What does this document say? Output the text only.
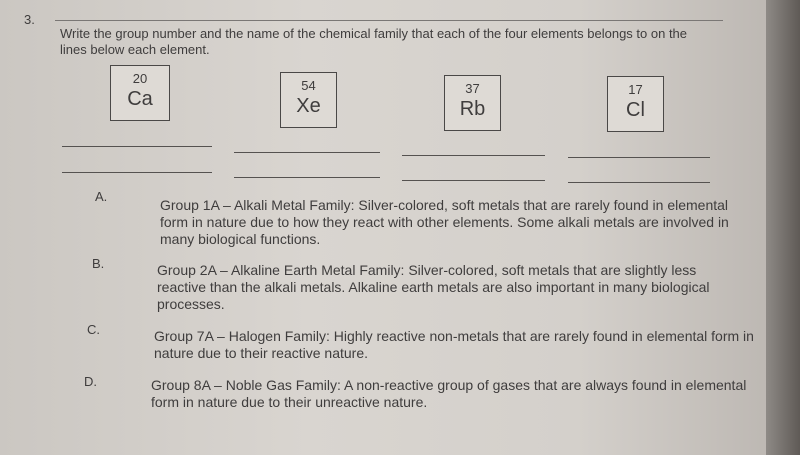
3.
Write the group number and the name of the chemical family that each of the four elements belongs to on the lines below each element.
20
Ca
54
Xe
37
Rb
17
Cl
A.
Group 1A – Alkali Metal Family: Silver-colored, soft metals that are rarely found in elemental form in nature due to how they react with other elements. Some alkali metals are involved in many biological functions.
B.	Group 2A – Alkaline Earth Metal Family: Silver-colored, soft metals that are slightly less reactive than the alkali metals. Alkaline earth metals are also important in many biological processes.
C.	Group 7A – Halogen Family: Highly reactive non-metals that are rarely found in elemental form in nature due to their reactive nature.
D.	Group 8A – Noble Gas Family: A non-reactive group of gases that are always found in elemental form in nature due to their unreactive nature.
